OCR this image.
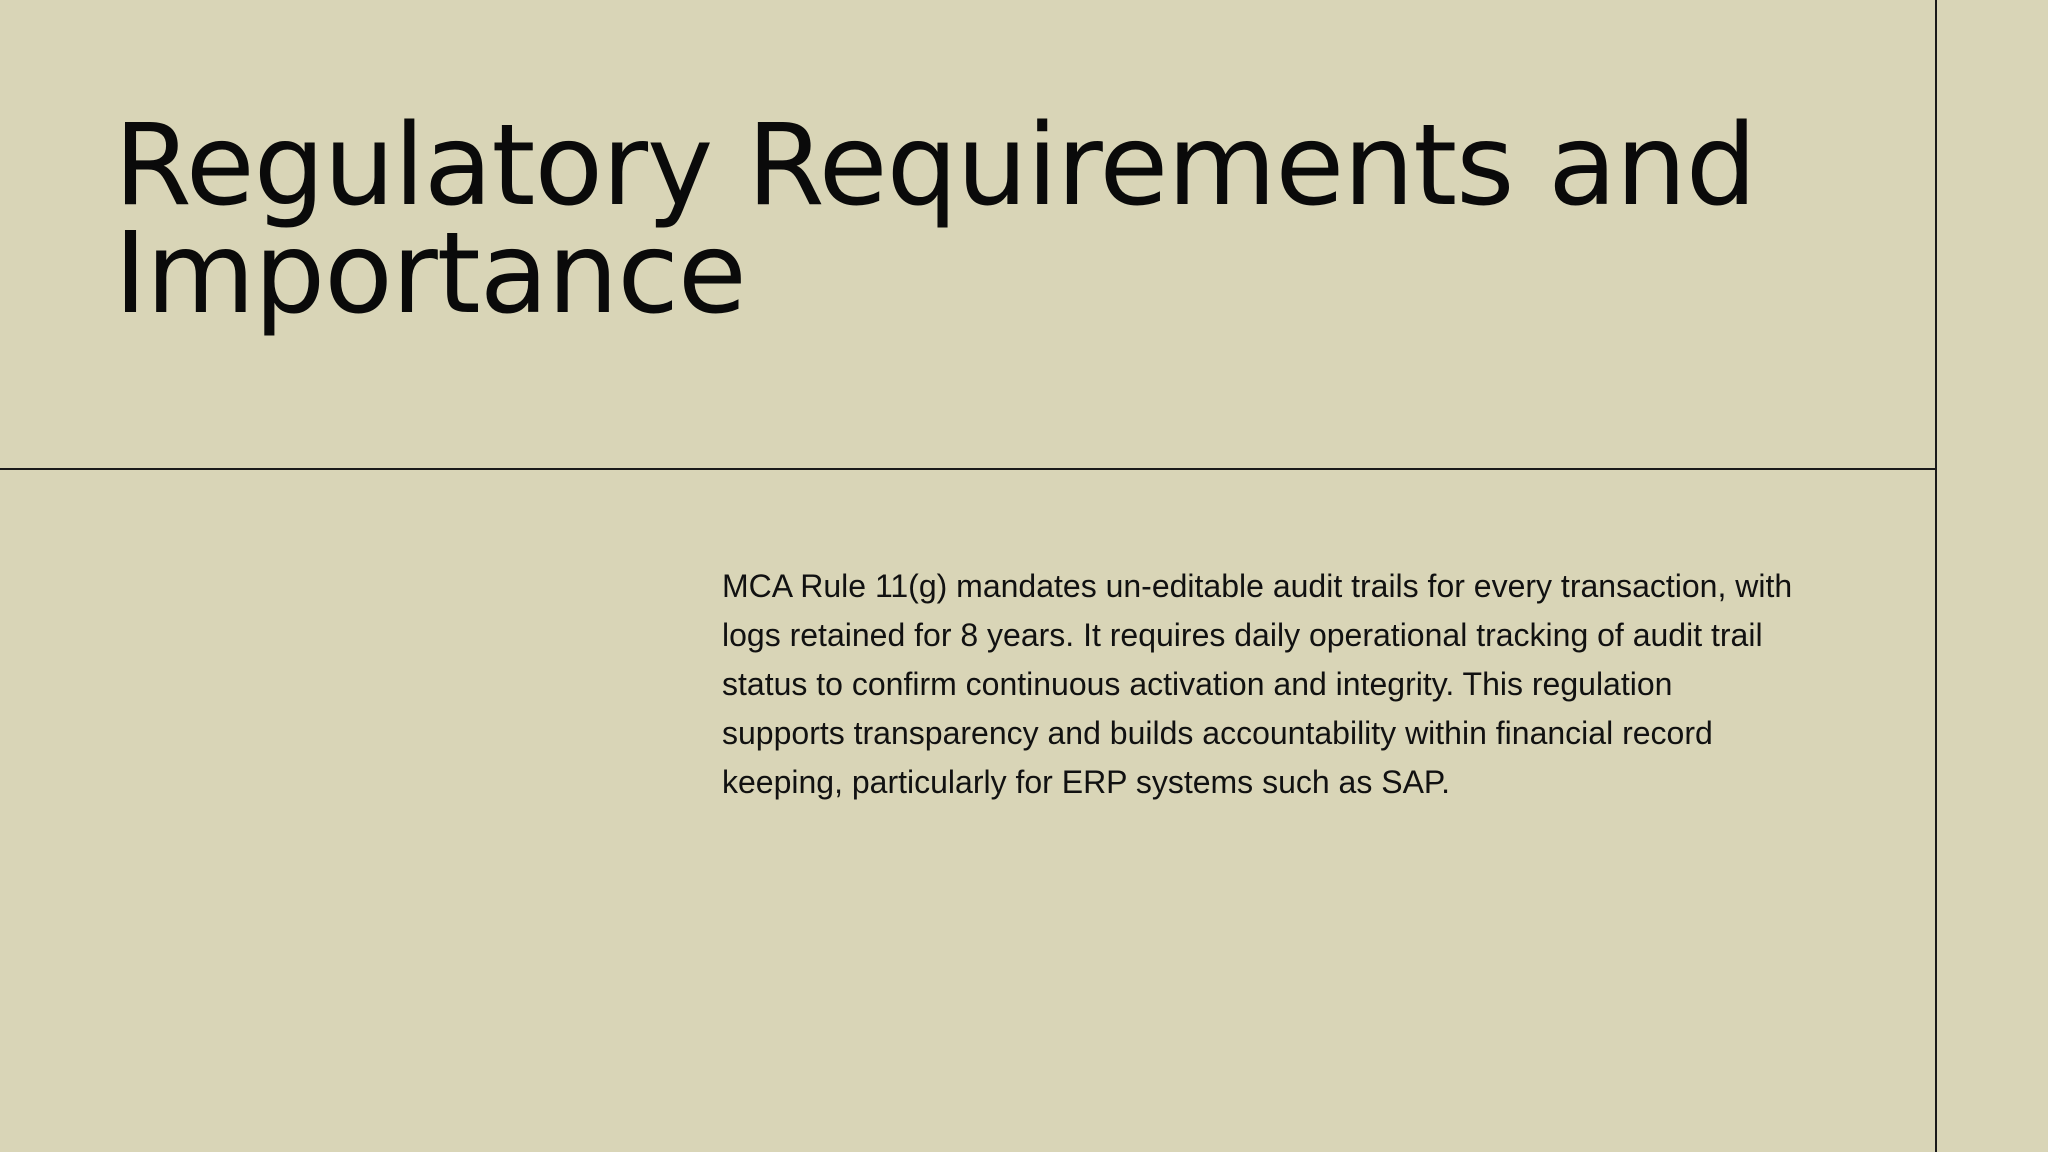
Regulatory Requirements and
Importance

MCA Rule 11(g) mandates un-editable audit trails for every transaction, with
logs retained for 8 years. It requires daily operational tracking of audit trail
status to confirm continuous activation and integrity. This regulation
supports transparency and builds accountability within financial record
keeping, particularly for ERP systems such as SAP.
